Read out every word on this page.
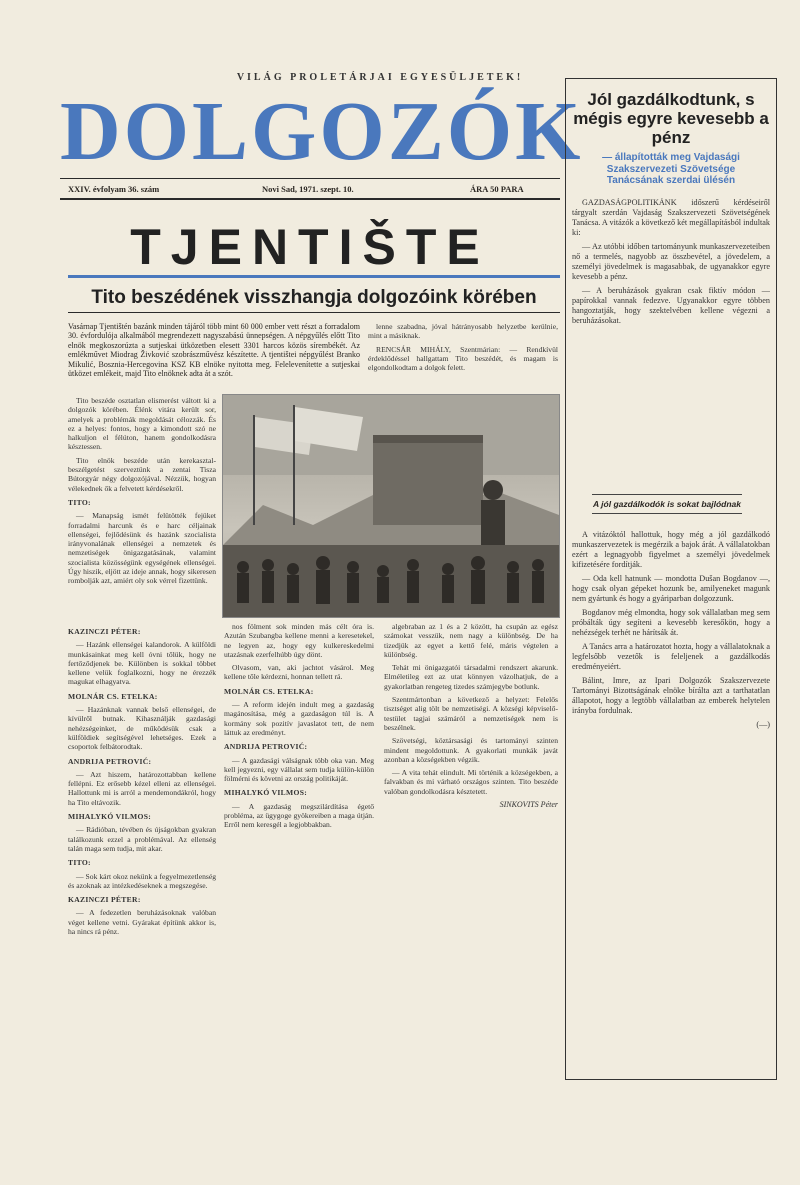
VILÁG PROLETÁRJAI EGYESÜLJETEK!
DOLGOZÓK
XXIV. évfolyam 36. szám	Novi Sad, 1971. szept. 10.	ÁRA 50 PARA
TJENTIŠTE
Tito beszédének visszhangja dolgozóink körében
Vasárnap Tjentištén bazánk minden tájáról több mint 60 000 ember vett részt a forradalom 30. évfordulója alkalmából megrendezett nagyszabású ünnepségen. A népgyűlés előtt Tito elnök megkoszorúzta a sutjeskai ütközetben elesett 3301 harcos közös sírembékét. Az emlékművet Miodrag Živković szobrászművész készítette. A tjentištei népgyűlést Branko Mikulić, Bosznia-Hercegovina KSZ KB elnöke nyitotta meg. Felelevenítette a sutjeskai ütközet emlékeit, majd Tito elnöknek adta át a szót.

Tito beszéde osztatlan elismerést váltott ki a dolgozók körében. Élénk vitára került sor, amelyek a problémák megoldását célozzák. És ez a helyes: fontos, hogy a kimondott szó ne halkuljon el félúton, hanem gondolkodásra késztessen.

Tito elnök beszéde után kerekasztal-beszélgetést szerveztünk a zentai Tisza Bútorgyár négy dolgozójával. Nézzük, hogyan vélekednek ők a felvetett kérdésekről.

TITO:

— Manapság ismét felütötték fejüket forradalmi harcunk és e harc céljainak ellenségei, fejlődésünk és hazánk szocialista irányvonalának ellenségei a nemzetek és nemzetiségek önigazgatásának, valamint szocialista közösségünk egységének ellenségei. Úgy hiszik, eljött az ideje annak, hogy sikeresen rombolják azt, amiért oly sok vérrel fizettünk.

lenne szabadna, jóval hátrányosabb helyzetbe kerülnie, mint a másiknak.

RENCSÁR MIHÁLY, Szentmárian: — Rendkívül érdeklődéssel hallgattam Tito beszédét, és magam is elgondolkodtam a dolgok felett.

KAZINCZI PÉTER:

— Hazánk ellenségei kalandorok. A külföldi munkásainkat meg kell óvni tőlük, hogy ne fertőződjenek be. Különben is sokkal többet kellene velük foglalkozni, hogy ne érezzék magukat elhagyatva.

MOLNÁR CS. ETELKA:

— Hazánknak vannak belső ellenségei, de kívülről butnak. Kihasználják gazdasági nehézségeinket, de működésük csak a külföldiek segítségével lehetséges. Ezek a csoportok felbátorodtak.

ANDRIJA PETROVIĆ:

— Azt hiszem, határozottabban kellene fellépni. Ez erősebb kézel elleni az ellenségei. Hallottunk mi is arról a mendemondákról, hogy ha Tito eltávozik.

MIHALYKÓ VILMOS:

— Rádióban, tévében és újságokban gyakran találkozunk ezzel a problémával. Az ellenség talán maga sem tudja, mit akar.

TITO:

— Sok kárt okoz nekünk a fegyelmezetlenség és azoknak az intézkedéseknek a megszegése.

KAZINCZI PÉTER:

— A fedezetlen beruházásoknak valóban véget kellene vetni. Gyárakat építünk akkor is, ha nincs rá pénz.

nos fölment sok minden más célt óra is. Azután Szubangba kellene menni a keresetekel, ne legyen az, hogy egy kulkereskedelmi utazásnak ezerfelhúbb úgy dönt.

Olvasom, van, aki jachtot vásárol. Meg kellene tőle kérdezni, honnan tellett rá.

MOLNÁR CS. ETELKA:

— A reform idején indult meg a gazdaság magánosítása, még a gazdaságon túl is. A kormány sok pozitív javaslatot tett, de nem láttuk az eredményt.

ANDRIJA PETROVIĆ:

— A gazdasági válságnak több oka van. Meg kell jegyezni, egy vállalat sem tudja külön-külön fölmérni és követni az ország politikáját.

MIHALYKÓ VILMOS:

— A gazdaság megszilárdítása égető probléma, az ügygoge gyökereiben a maga útján. Erről nem keresgél a legjobbakban.

algebraban az 1 és a 2 között, ha csupán az egész számokat vesszük, nem nagy a különbség. De ha tizedjük az egyet a kettő felé, máris végtelen a különbség.

Tehát mi önigazgatói társadalmi rendszert akarunk. Elméletileg ezt az utat könnyen vázolhatjuk, de a gyakorlatban rengeteg tizedes számjegybe botlunk.

Szentmártonban a következő a helyzet: Felelős tisztséget alig tölt be nemzetiségi. A községi képviselő-testület tagjai számáról a nemzetiségek nem is beszélnek.

Szövetségi, köztársasági és tartományi szinten mindent megoldottunk. A gyakorlati munkák javát azonban a községekben végzik.

— A vita tehát elindult. Mi történik a községekben, a falvakban és mi várható országos szinten. Tito beszéde valóban gondolkodásra késztetett.

SINKOVITS Péter

Jól gazdálkodtunk, s mégis egyre kevesebb a pénz
— állapították meg Vajdasági Szakszervezeti Szövetsége Tanácsának szerdai ülésén

GAZDASÁGPOLITIKÁNK időszerű kérdéseiről tárgyalt szerdán Vajdaság Szakszervezeti Szövetségének Tanácsa. A vitázók a következő két megállapításból indultak ki:

— Az utóbbi időben tartományunk munkaszervezeteiben nő a termelés, nagyobb az összbevétel, a jövedelem, a személyi jövedelmek is magasabbak, de ugyanakkor egyre kevesebb a pénz.

— A beruházások gyakran csak fiktív módon — papírokkal vannak fedezve. Ugyanakkor egyre többen hangoztatják, hogy szektelvében kellene végezni a beruházásokat.

A jól gazdálkodók is sokat bajlódnak

A vitázóktól hallottuk, hogy még a jól gazdálkodó munkaszervezetek is megérzik a bajok árát. A vállalatokban ezért a legnagyobb figyelmet a személyi jövedelmek kifizetésére fordítják.

— Oda kell hatnunk — mondotta Dušan Bogdanov —, hogy csak olyan gépeket hozunk be, amilyeneket magunk nem gyártunk és hogy a gyáriparban dolgozzunk.

Bogdanov még elmondta, hogy sok vállalatban meg sem próbálták úgy segíteni a kevesebb keresőkön, hogy a nehézségek terhét ne hárítsák át.

A Tanács arra a határozatot hozta, hogy a vállalatoknak a legfelsőbb vezetők is feleljenek a gazdálkodás eredményeiért.

Bálint, Imre, az Ipari Dolgozók Szakszervezete Tartományi Bizottságának elnöke bírálta azt a tarthatatlan állapotot, hogy a legtöbb vállalatban az emberek helytelen irányba fordulnak.

(—)
